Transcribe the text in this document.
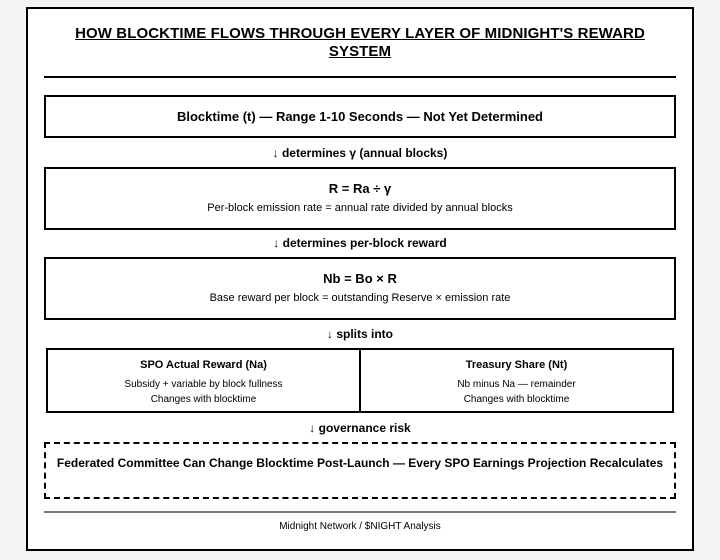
HOW BLOCKTIME FLOWS THROUGH EVERY LAYER OF MIDNIGHT'S REWARD SYSTEM
Blocktime (t) — Range 1-10 Seconds — Not Yet Determined
↓ determines γ (annual blocks)
R = Ra ÷ γ
Per-block emission rate = annual rate divided by annual blocks
↓ determines per-block reward
Nb = Bo × R
Base reward per block = outstanding Reserve × emission rate
↓ splits into
SPO Actual Reward (Na)
Subsidy + variable by block fullness
Changes with blocktime
Treasury Share (Nt)
Nb minus Na — remainder
Changes with blocktime
↓ governance risk
Federated Committee Can Change Blocktime Post-Launch — Every SPO Earnings Projection Recalculates
Midnight Network / $NIGHT Analysis
